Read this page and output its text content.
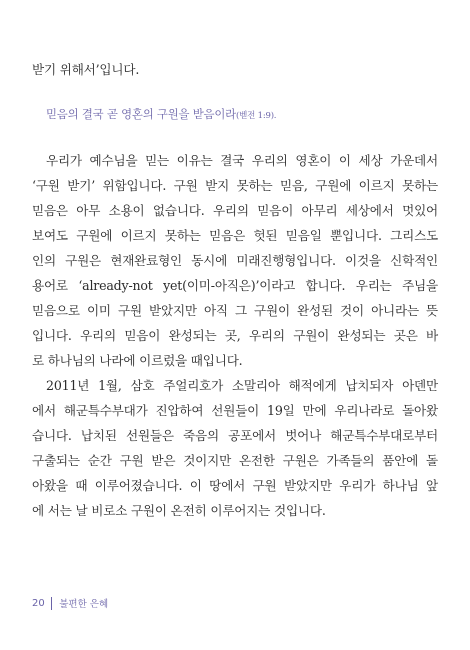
받기 위해서’입니다.
믿음의 결국 곧 영혼의 구원을 받음이라(벧전 1:9).
우리가 예수님을 믿는 이유는 결국 우리의 영혼이 이 세상 가운데서
‘구원 받기’ 위함입니다. 구원 받지 못하는 믿음, 구원에 이르지 못하는
믿음은 아무 소용이 없습니다. 우리의 믿음이 아무리 세상에서 멋있어
보여도 구원에 이르지 못하는 믿음은 헛된 믿음일 뿐입니다. 그리스도
인의 구원은 현재완료형인 동시에 미래진행형입니다. 이것을 신학적인
용어로 ‘already-not yet(이미-아직은)’이라고 합니다. 우리는 주님을
믿음으로 이미 구원 받았지만 아직 그 구원이 완성된 것이 아니라는 뜻
입니다. 우리의 믿음이 완성되는 곳, 우리의 구원이 완성되는 곳은 바
로 하나님의 나라에 이르렀을 때입니다.
2011년 1월, 삼호 주얼리호가 소말리아 해적에게 납치되자 아덴만
에서 해군특수부대가 진압하여 선원들이 19일 만에 우리나라로 돌아왔
습니다. 납치된 선원들은 죽음의 공포에서 벗어나 해군특수부대로부터
구출되는 순간 구원 받은 것이지만 온전한 구원은 가족들의 품안에 돌
아왔을 때 이루어졌습니다. 이 땅에서 구원 받았지만 우리가 하나님 앞
에 서는 날 비로소 구원이 온전히 이루어지는 것입니다.
20 불편한 은혜
